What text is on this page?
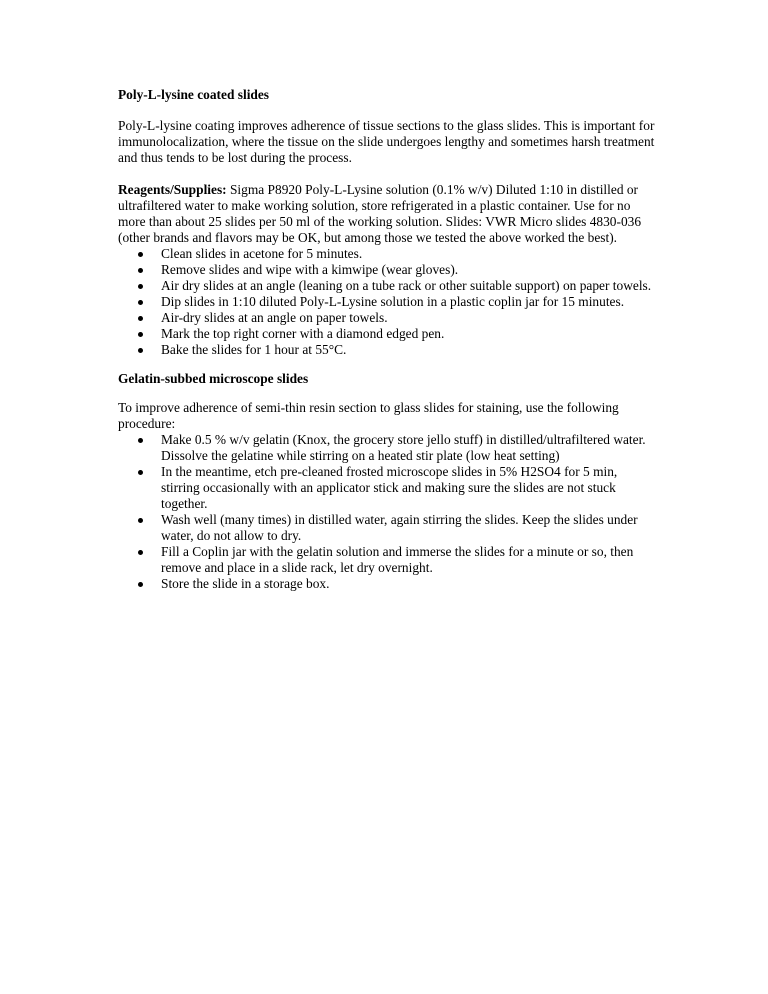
Poly-L-lysine coated slides

Poly-L-lysine coating improves adherence of tissue sections to the glass slides. This is important for immunolocalization, where the tissue on the slide undergoes lengthy and sometimes harsh treatment and thus tends to be lost during the process.

Reagents/Supplies: Sigma P8920 Poly-L-Lysine solution (0.1% w/v) Diluted 1:10 in distilled or ultrafiltered water to make working solution, store refrigerated in a plastic container. Use for no more than about 25 slides per 50 ml of the working solution. Slides: VWR Micro slides 4830-036 (other brands and flavors may be OK, but among those we tested the above worked the best).

Clean slides in acetone for 5 minutes.
Remove slides and wipe with a kimwipe (wear gloves).
Air dry slides at an angle (leaning on a tube rack or other suitable support) on paper towels.
Dip slides in 1:10 diluted Poly-L-Lysine solution in a plastic coplin jar for 15 minutes.
Air-dry slides at an angle on paper towels.
Mark the top right corner with a diamond edged pen.
Bake the slides for 1 hour at 55°C.

Gelatin-subbed microscope slides

To improve adherence of semi-thin resin section to glass slides for staining, use the following procedure:

Make 0.5 % w/v gelatin (Knox, the grocery store jello stuff) in distilled/ultrafiltered water. Dissolve the gelatine while stirring on a heated stir plate (low heat setting)
In the meantime, etch pre-cleaned frosted microscope slides in 5% H2SO4 for 5 min, stirring occasionally with an applicator stick and making sure the slides are not stuck together.
Wash well (many times) in distilled water, again stirring the slides. Keep the slides under water, do not allow to dry.
Fill a Coplin jar with the gelatin solution and immerse the slides for a minute or so, then remove and place in a slide rack, let dry overnight.
Store the slide in a storage box.
